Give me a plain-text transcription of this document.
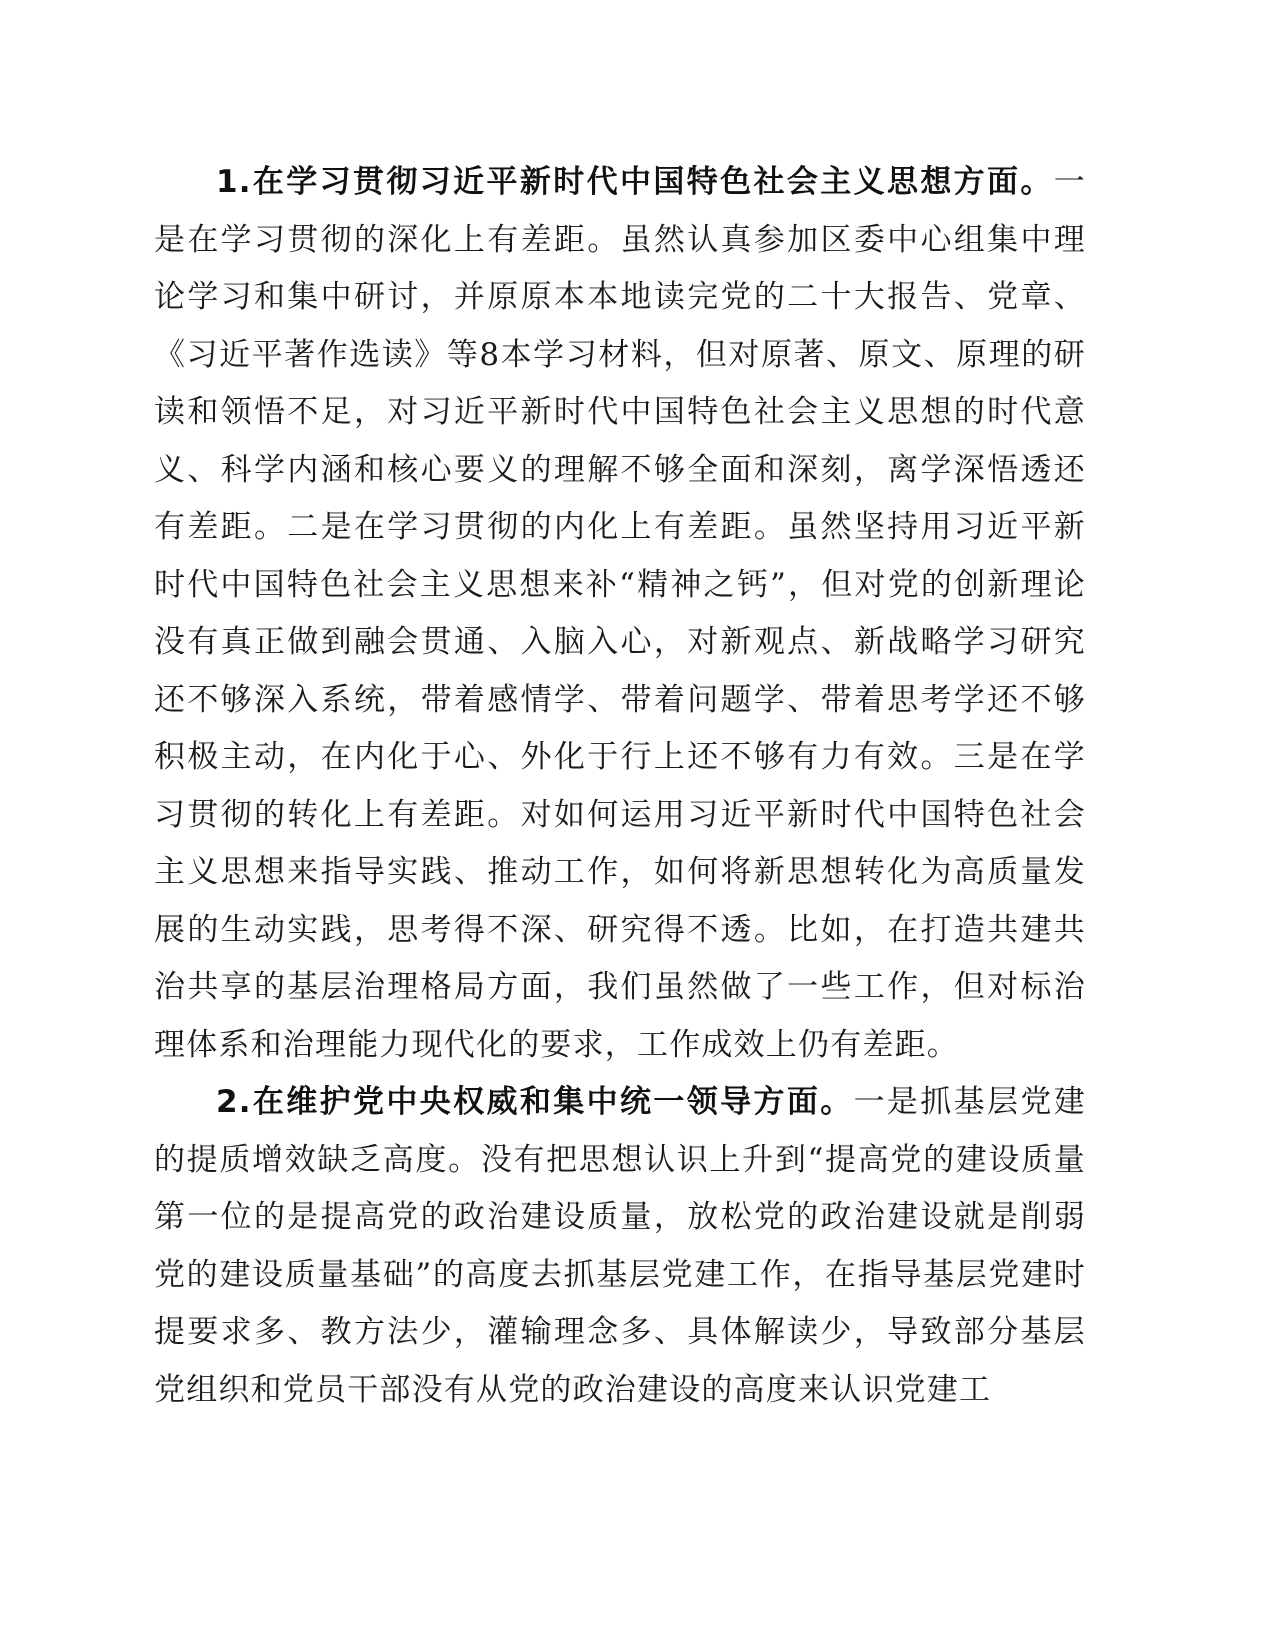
1.在学习贯彻习近平新时代中国特色社会主义思想方面。一是在学习贯彻的深化上有差距。虽然认真参加区委中心组集中理论学习和集中研讨，并原原本本地读完党的二十大报告、党章、《习近平著作选读》等8本学习材料，但对原著、原文、原理的研读和领悟不足，对习近平新时代中国特色社会主义思想的时代意义、科学内涵和核心要义的理解不够全面和深刻，离学深悟透还有差距。二是在学习贯彻的内化上有差距。虽然坚持用习近平新时代中国特色社会主义思想来补“精神之钙”，但对党的创新理论没有真正做到融会贯通、入脑入心，对新观点、新战略学习研究还不够深入系统，带着感情学、带着问题学、带着思考学还不够积极主动，在内化于心、外化于行上还不够有力有效。三是在学习贯彻的转化上有差距。对如何运用习近平新时代中国特色社会主义思想来指导实践、推动工作，如何将新思想转化为高质量发展的生动实践，思考得不深、研究得不透。比如，在打造共建共治共享的基层治理格局方面，我们虽然做了一些工作，但对标治理体系和治理能力现代化的要求，工作成效上仍有差距。

2.在维护党中央权威和集中统一领导方面。一是抓基层党建的提质增效缺乏高度。没有把思想认识上升到“提高党的建设质量第一位的是提高党的政治建设质量，放松党的政治建设就是削弱党的建设质量基础”的高度去抓基层党建工作，在指导基层党建时提要求多、教方法少，灌输理念多、具体解读少，导致部分基层党组织和党员干部没有从党的政治建设的高度来认识党建工
